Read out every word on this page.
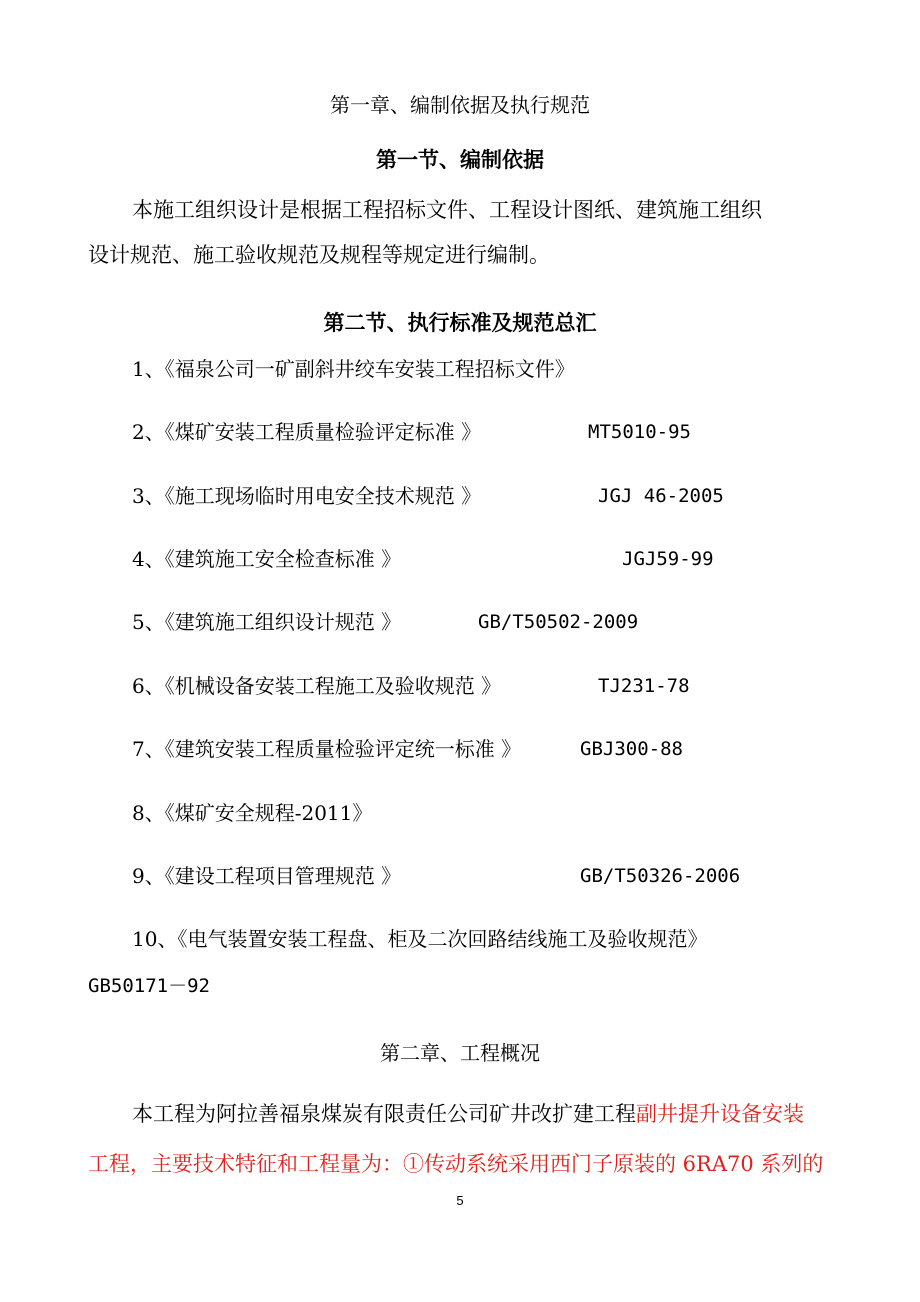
第一章、编制依据及执行规范
第一节、编制依据
本施工组织设计是根据工程招标文件、工程设计图纸、建筑施工组织
设计规范、施工验收规范及规程等规定进行编制。
第二节、执行标准及规范总汇
1、《福泉公司一矿副斜井绞车安装工程招标文件》
2、《煤矿安装工程质量检验评定标准 》	MT5010-95
3、《施工现场临时用电安全技术规范 》	JGJ 46-2005
4、《建筑施工安全检查标准 》	JGJ59-99
5、《建筑施工组织设计规范 》	GB/T50502-2009
6、《机械设备安装工程施工及验收规范 》	TJ231-78
7、《建筑安装工程质量检验评定统一标准 》	GBJ300-88
8、《煤矿安全规程-2011》
9、《建设工程项目管理规范 》	GB/T50326-2006
10、《电气装置安装工程盘、柜及二次回路结线施工及验收规范》
GB50171－92
第二章、工程概况
本工程为阿拉善福泉煤炭有限责任公司矿井改扩建工程副井提升设备安装
工程，主要技术特征和工程量为：①传动系统采用西门子原装的 6RA70 系列的
5
